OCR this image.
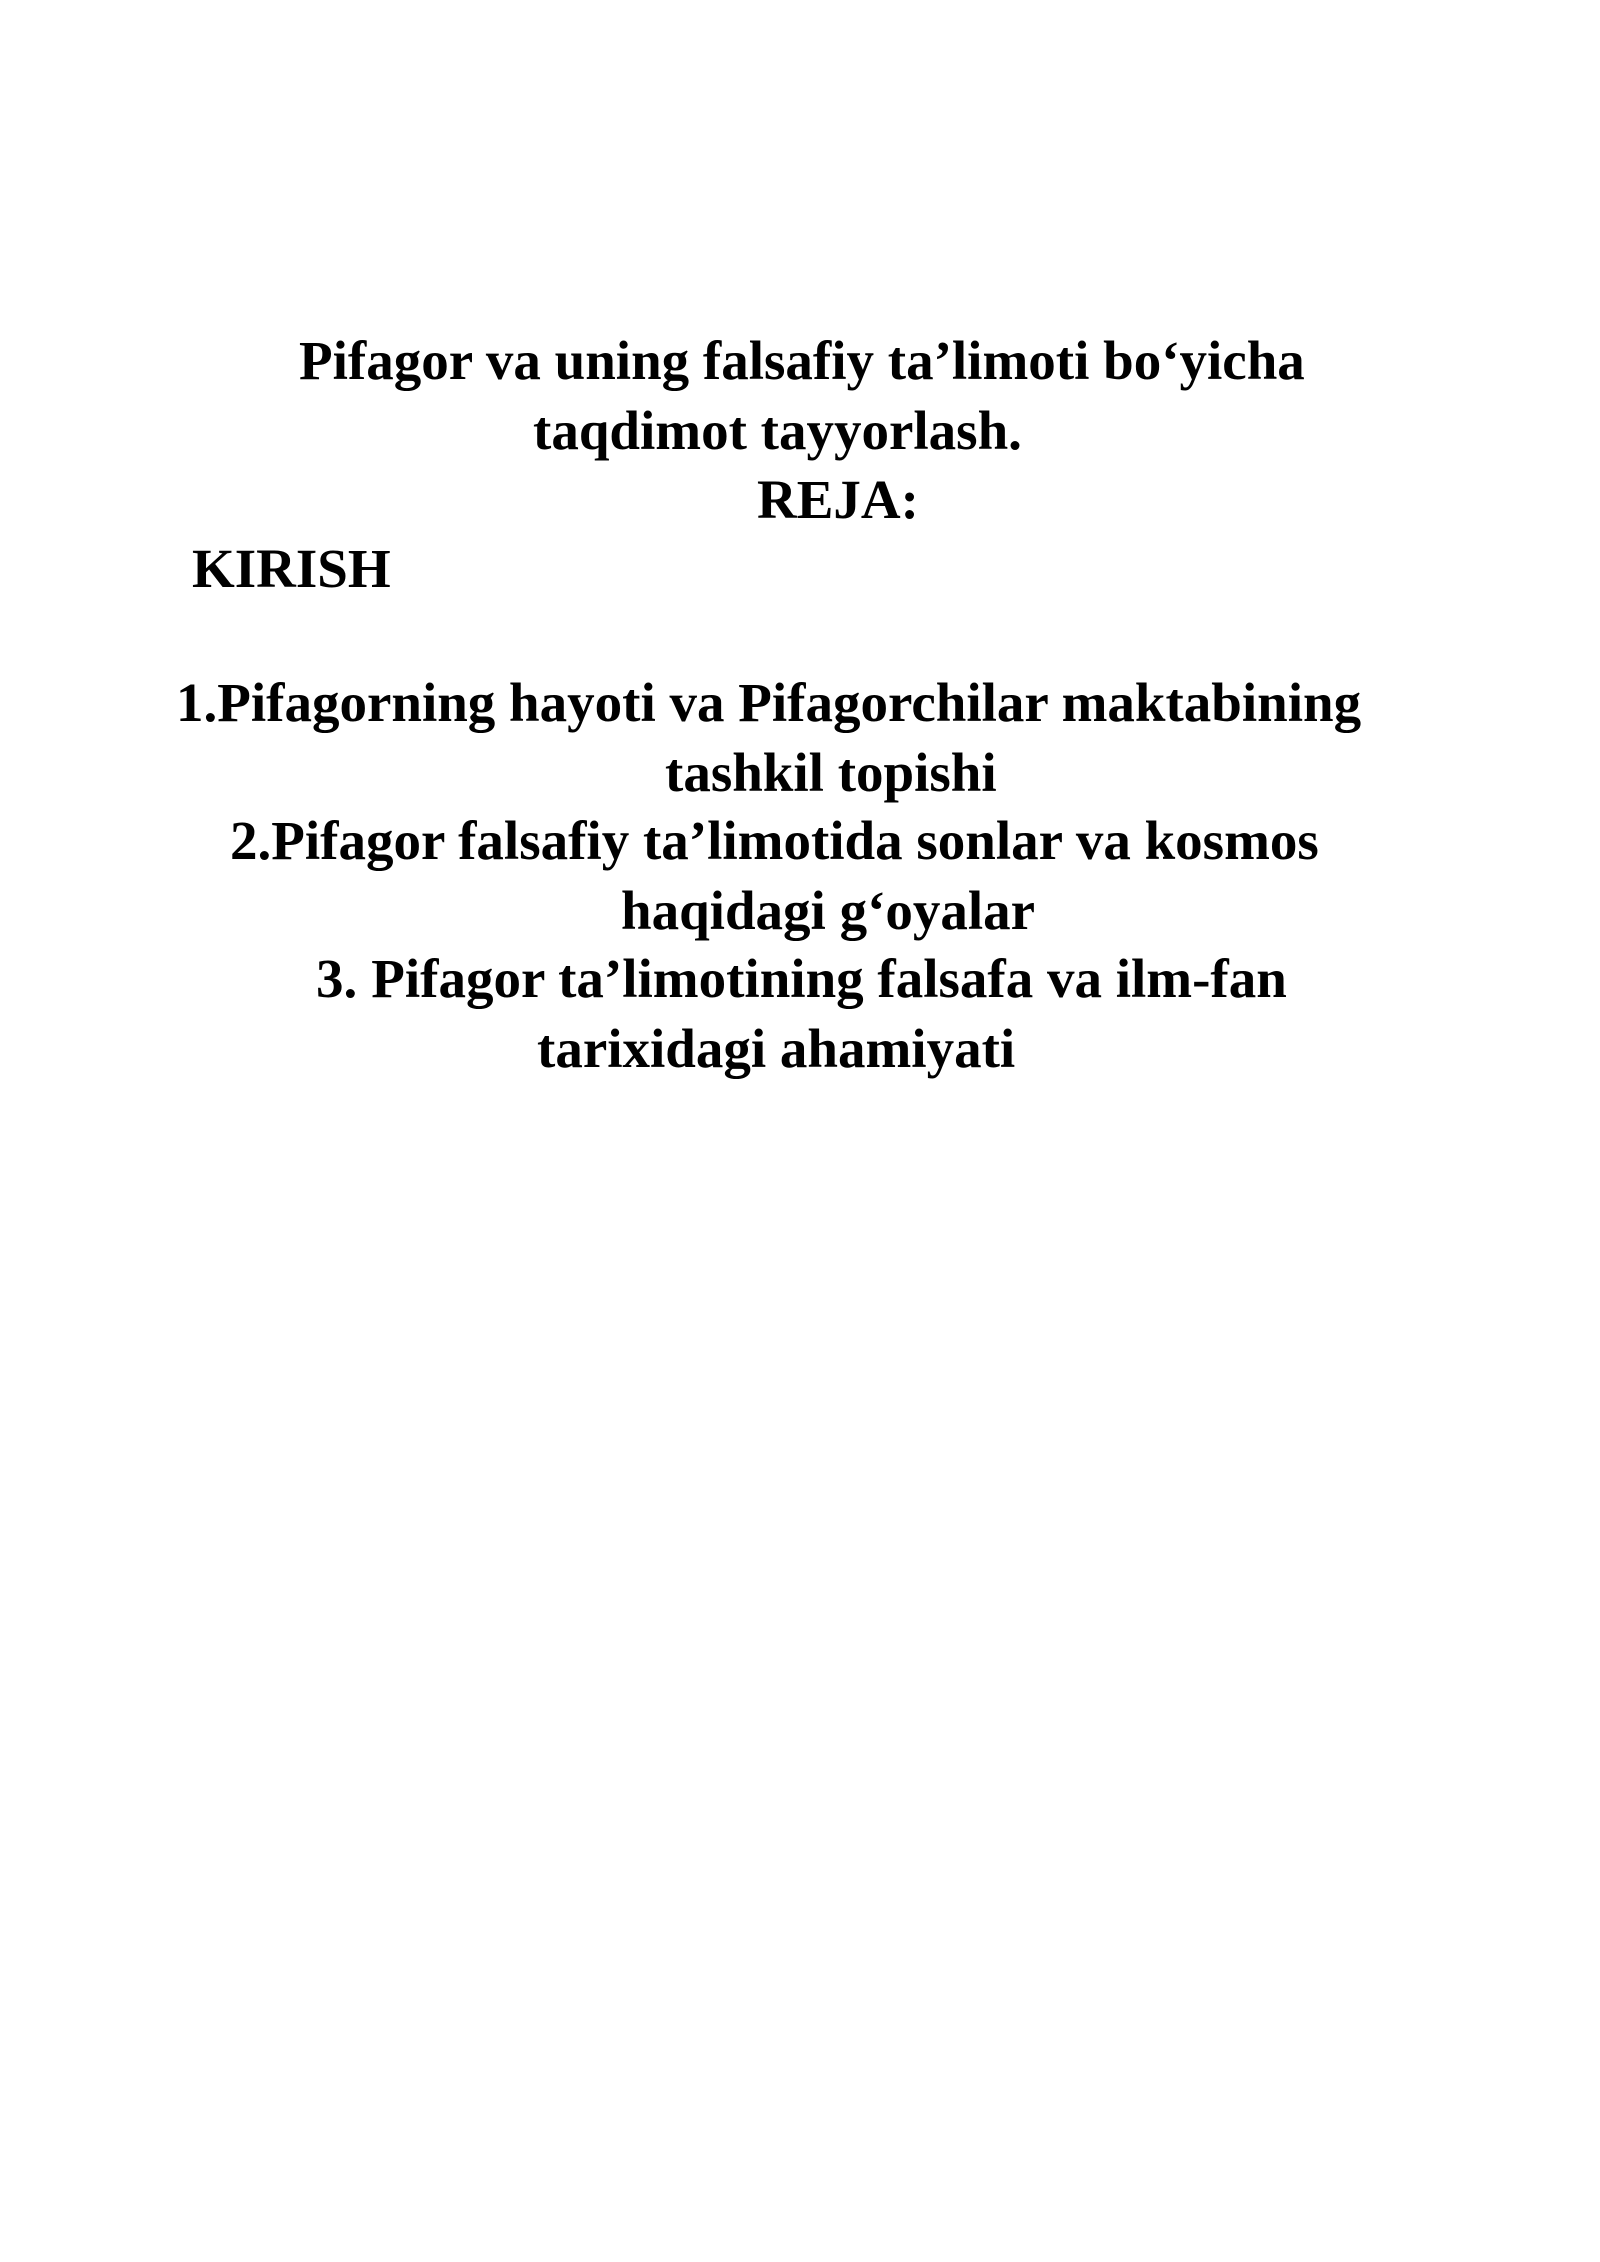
Pifagor va uning falsafiy ta’limoti bo‘yicha
taqdimot tayyorlash.
REJA:
KIRISH
1.Pifagorning hayoti va Pifagorchilar maktabining
tashkil topishi
2.Pifagor falsafiy ta’limotida sonlar va kosmos
haqidagi g‘oyalar
3. Pifagor ta’limotining falsafa va ilm-fan
tarixidagi ahamiyati
